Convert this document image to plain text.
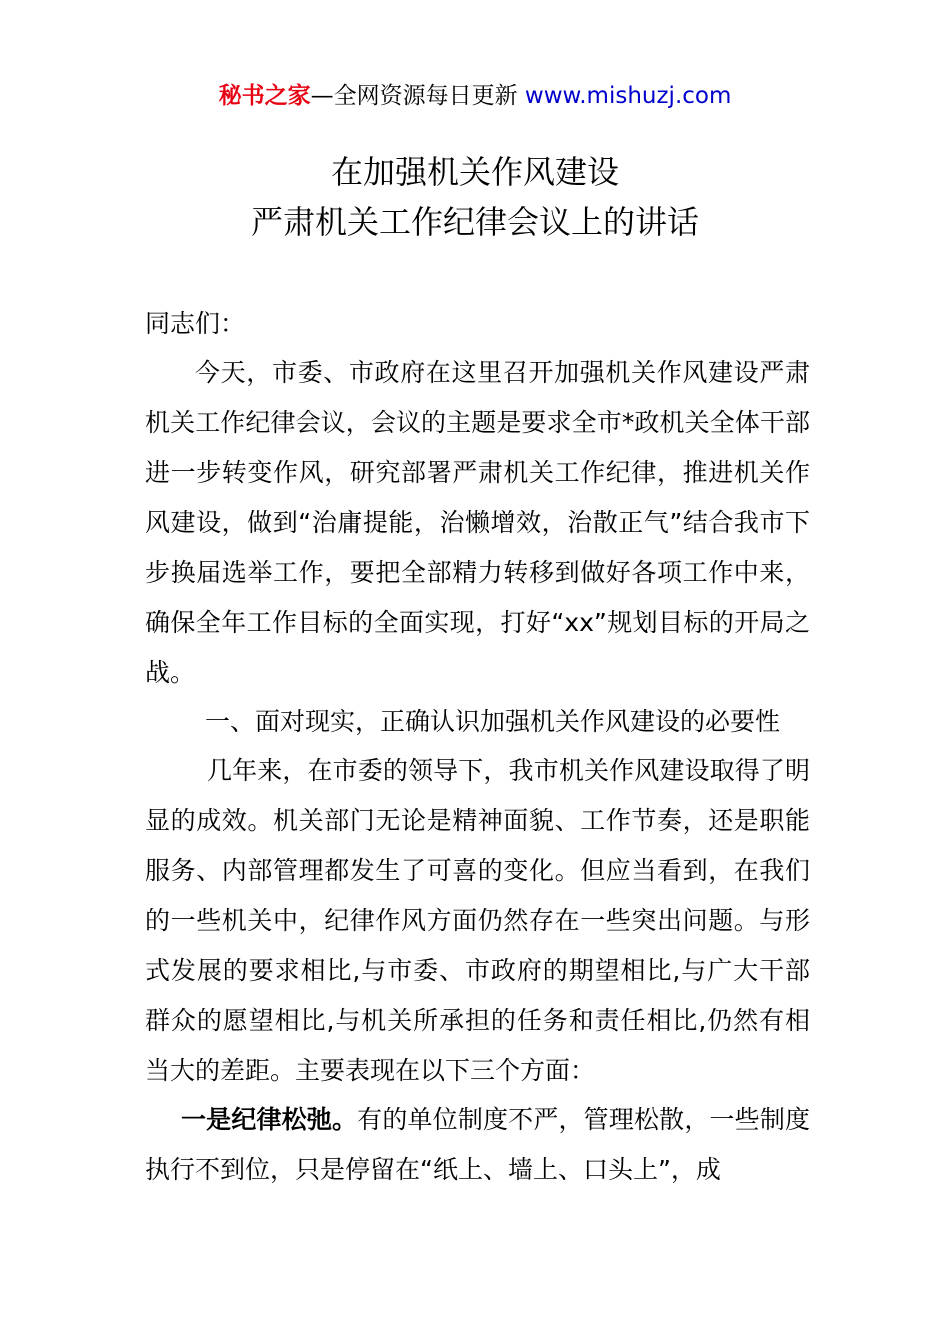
秘书之家—全网资源每日更新 www.mishuzj.com
在加强机关作风建设
严肃机关工作纪律会议上的讲话

同志们：

今天，市委、市政府在这里召开加强机关作风建设严肃机关工作纪律会议，会议的主题是要求全市*政机关全体干部进一步转变作风，研究部署严肃机关工作纪律，推进机关作风建设，做到“治庸提能，治懒增效，治散正气”结合我市下步换届选举工作，要把全部精力转移到做好各项工作中来，确保全年工作目标的全面实现，打好“xx”规划目标的开局之战。

一、面对现实，正确认识加强机关作风建设的必要性

几年来，在市委的领导下，我市机关作风建设取得了明显的成效。机关部门无论是精神面貌、工作节奏，还是职能服务、内部管理都发生了可喜的变化。但应当看到，在我们的一些机关中，纪律作风方面仍然存在一些突出问题。与形式发展的要求相比,与市委、市政府的期望相比,与广大干部群众的愿望相比,与机关所承担的任务和责任相比,仍然有相当大的差距。主要表现在以下三个方面：

一是纪律松弛。有的单位制度不严，管理松散，一些制度执行不到位，只是停留在“纸上、墙上、口头上”，成
